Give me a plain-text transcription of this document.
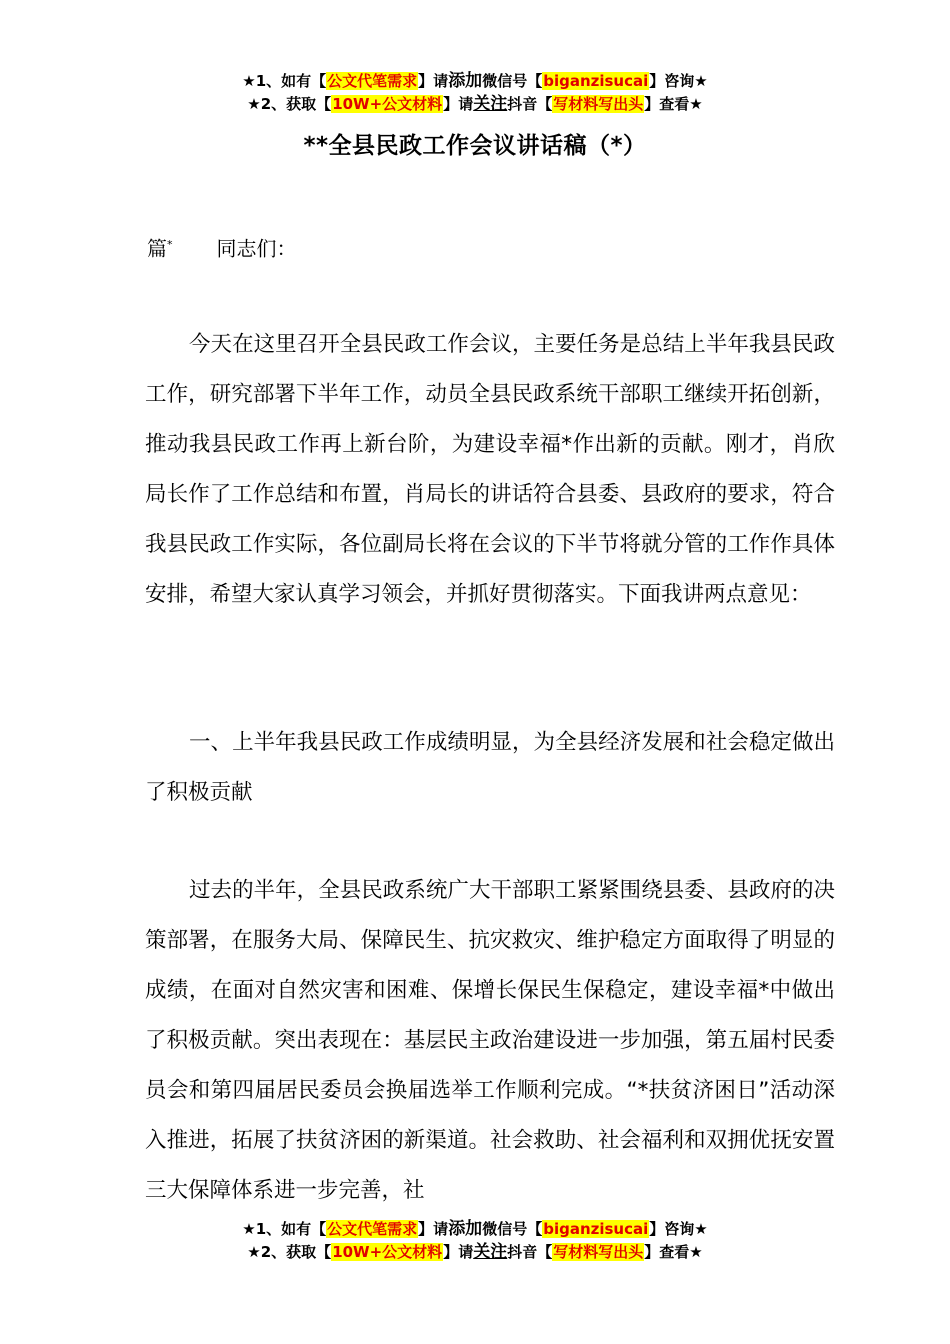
★1、如有【公文代笔需求】请添加微信号【biganzisucai】咨询★
★2、获取【10W+公文材料】请关注抖音【写材料写出头】查看★
**全县民政工作会议讲话稿（*）
篇* 同志们：

今天在这里召开全县民政工作会议，主要任务是总结上半年我县民政工作，研究部署下半年工作，动员全县民政系统干部职工继续开拓创新，推动我县民政工作再上新台阶，为建设幸福*作出新的贡献。刚才，肖欣局长作了工作总结和布置，肖局长的讲话符合县委、县政府的要求，符合我县民政工作实际，各位副局长将在会议的下半节将就分管的工作作具体安排，希望大家认真学习领会，并抓好贯彻落实。下面我讲两点意见：

一、上半年我县民政工作成绩明显，为全县经济发展和社会稳定做出了积极贡献

过去的半年，全县民政系统广大干部职工紧紧围绕县委、县政府的决策部署，在服务大局、保障民生、抗灾救灾、维护稳定方面取得了明显的成绩，在面对自然灾害和困难、保增长保民生保稳定，建设幸福*中做出了积极贡献。突出表现在：基层民主政治建设进一步加强，第五届村民委员会和第四届居民委员会换届选举工作顺利完成。“*扶贫济困日”活动深入推进，拓展了扶贫济困的新渠道。社会救助、社会福利和双拥优抚安置三大保障体系进一步完善，社

★1、如有【公文代笔需求】请添加微信号【biganzisucai】咨询★
★2、获取【10W+公文材料】请关注抖音【写材料写出头】查看★
